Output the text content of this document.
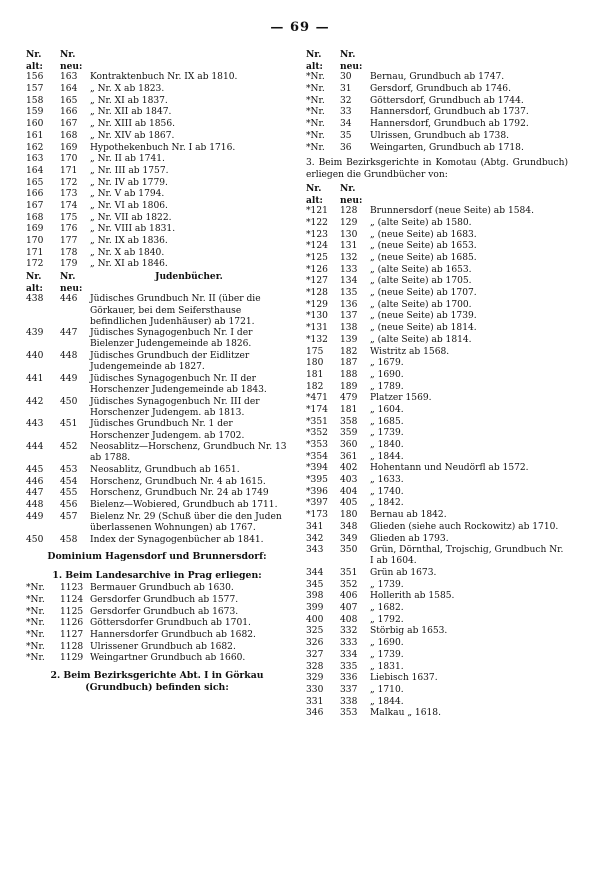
— 69 —
Nr.	Nr.	
alt:	neu:	
156	163	Kontraktenbuch Nr. IX ab 1810.
157	164	„ Nr. X ab 1823.
158	165	„ Nr. XI ab 1837.
159	166	„ Nr. XII ab 1847.
160	167	„ Nr. XIII ab 1856.
161	168	„ Nr. XIV ab 1867.
162	169	Hypothekenbuch Nr. I ab 1716.
163	170	„ Nr. II ab 1741.
164	171	„ Nr. III ab 1757.
165	172	„ Nr. IV ab 1779.
166	173	„ Nr. V ab 1794.
167	174	„ Nr. VI ab 1806.
168	175	„ Nr. VII ab 1822.
169	176	„ Nr. VIII ab 1831.
170	177	„ Nr. IX ab 1836.
171	178	„ Nr. X ab 1840.
172	179	„ Nr. XI ab 1846.
Nr.	Nr.	Judenbücher.
alt:	neu:	
438	446	Jüdisches Grundbuch Nr. II (über die Görkauer, bei dem Seifersthause befindlichen Judenhäuser) ab 1721.
439	447	Jüdisches Synagogenbuch Nr. I der Bielenzer Judengemeinde ab 1826.
440	448	Jüdisches Grundbuch der Eidlitzer Judengemeinde ab 1827.
441	449	Jüdisches Synagogenbuch Nr. II der Horschenzer Judengemeinde ab 1843.
442	450	Jüdisches Synagogenbuch Nr. III der Horschenzer Judengem. ab 1813.
443	451	Jüdisches Grundbuch Nr. 1 der Horschenzer Judengem. ab 1702.
444	452	Neosablitz—Horschenz, Grundbuch Nr. 13 ab 1788.
445	453	Neosablitz, Grundbuch ab 1651.
446	454	Horschenz, Grundbuch Nr. 4 ab 1615.
447	455	Horschenz, Grundbuch Nr. 24 ab 1749
448	456	Bielenz—Wobiered, Grundbuch ab 1711.
449	457	Bielenz Nr. 29 (Schuß über die den Juden überlassenen Wohnungen) ab 1767.
450	458	Index der Synagogenbücher ab 1841.
Dominium Hagensdorf und Brunnersdorf:
1. Beim Landesarchive in Prag erliegen:
*Nr.	1123	Bermauer Grundbuch ab 1630.
*Nr.	1124	Gersdorfer Grundbuch ab 1577.
*Nr.	1125	Gersdorfer Grundbuch ab 1673.
*Nr.	1126	Göttersdorfer Grundbuch ab 1701.
*Nr.	1127	Hannersdorfer Grundbuch ab 1682.
*Nr.	1128	Ulrissener Grundbuch ab 1682.
*Nr.	1129	Weingartner Grundbuch ab 1660.
2. Beim Bezirksgerichte Abt. I in Görkau (Grundbuch) befinden sich:
Nr.	Nr.	
alt:	neu:	
*Nr.	30	Bernau, Grundbuch ab 1747.
*Nr.	31	Gersdorf, Grundbuch ab 1746.
*Nr.	32	Göttersdorf, Grundbuch ab 1744.
*Nr.	33	Hannersdorf, Grundbuch ab 1737.
*Nr.	34	Hannersdorf, Grundbuch ab 1792.
*Nr.	35	Ulrissen, Grundbuch ab 1738.
*Nr.	36	Weingarten, Grundbuch ab 1718.
3. Beim Bezirksgerichte in Komotau (Abtg. Grundbuch) erliegen die Grundbücher von:
Nr.	Nr.	
alt:	neu:	
*121	128	Brunnersdorf (neue Seite) ab 1584.
*122	129	„ (alte Seite) ab 1580.
*123	130	„ (neue Seite) ab 1683.
*124	131	„ (neue Seite) ab 1653.
*125	132	„ (neue Seite) ab 1685.
*126	133	„ (alte Seite) ab 1653.
*127	134	„ (alte Seite) ab 1705.
*128	135	„ (neue Seite) ab 1707.
*129	136	„ (alte Seite) ab 1700.
*130	137	„ (neue Seite) ab 1739.
*131	138	„ (neue Seite) ab 1814.
*132	139	„ (alte Seite) ab 1814.
175	182	Wistritz ab 1568.
180	187	„ 1679.
181	188	„ 1690.
182	189	„ 1789.
*471	479	Platzer 1569.
*174	181	„ 1604.
*351	358	„ 1685.
*352	359	„ 1739.
*353	360	„ 1840.
*354	361	„ 1844.
*394	402	Hohentann und Neudörfl ab 1572.
*395	403	„ 1633.
*396	404	„ 1740.
*397	405	„ 1842.
*173	180	Bernau ab 1842.
341	348	Glieden (siehe auch Rockowitz) ab 1710.
342	349	Glieden ab 1793.
343	350	Grün, Dörnthal, Trojschig, Grundbuch Nr. I ab 1604.
344	351	Grün ab 1673.
345	352	„ 1739.
398	406	Hollerith ab 1585.
399	407	„ 1682.
400	408	„ 1792.
325	332	Störbig ab 1653.
326	333	„ 1690.
327	334	„ 1739.
328	335	„ 1831.
329	336	Liebisch 1637.
330	337	„ 1710.
331	338	„ 1844.
346	353	Malkau „ 1618.
